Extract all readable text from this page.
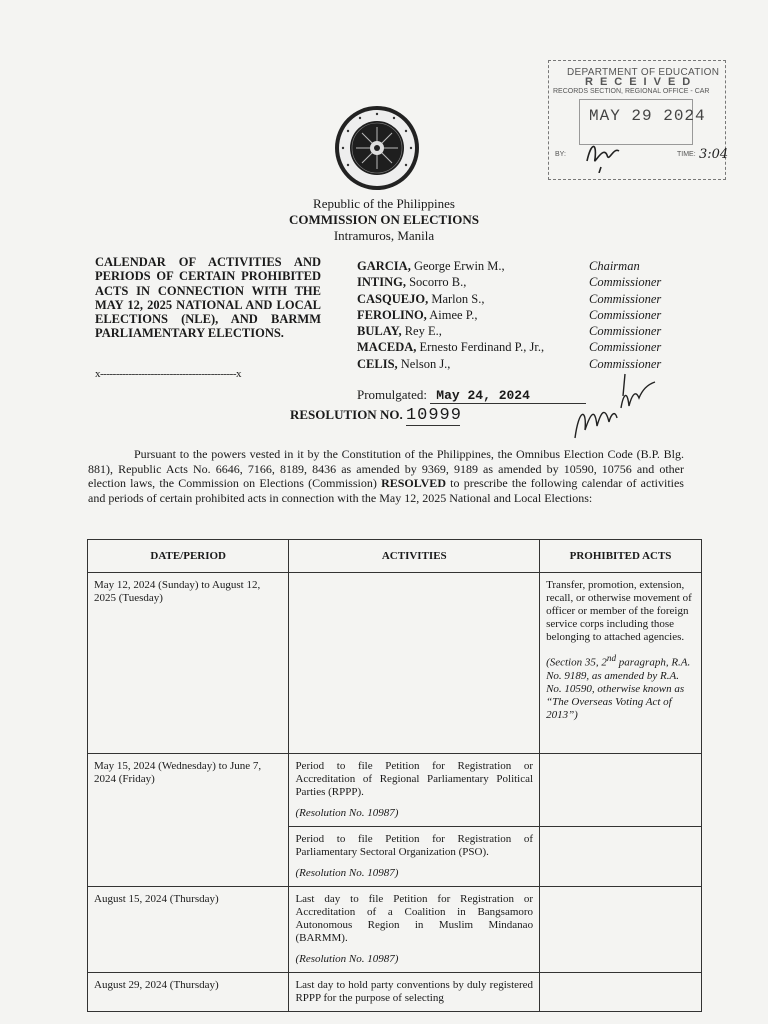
DEPARTMENT OF EDUCATION
RECEIVED
RECORDS SECTION, REGIONAL OFFICE - CAR
MAY 29 2024
BY:	TIME: 3:04
Republic of the Philippines
COMMISSION ON ELECTIONS
Intramuros, Manila
CALENDAR OF ACTIVITIES AND PERIODS OF CERTAIN PROHIBITED ACTS IN CONNECTION WITH THE MAY 12, 2025 NATIONAL AND LOCAL ELECTIONS (NLE), AND BARMM PARLIAMENTARY ELECTIONS.
x-------------------------------------------x
GARCIA, George Erwin M.,	Chairman
INTING, Socorro B.,	Commissioner
CASQUEJO, Marlon S.,	Commissioner
FEROLINO, Aimee P.,	Commissioner
BULAY, Rey E.,	Commissioner
MACEDA, Ernesto Ferdinand P., Jr.,	Commissioner
CELIS, Nelson J.,	Commissioner
Promulgated: May 24, 2024
RESOLUTION NO. 10999
Pursuant to the powers vested in it by the Constitution of the Philippines, the Omnibus Election Code (B.P. Blg. 881), Republic Acts No. 6646, 7166, 8189, 8436 as amended by 9369, 9189 as amended by 10590, 10756 and other election laws, the Commission on Elections (Commission) RESOLVED to prescribe the following calendar of activities and periods of certain prohibited acts in connection with the May 12, 2025 National and Local Elections:
DATE/PERIOD	ACTIVITIES	PROHIBITED ACTS
May 12, 2024 (Sunday) to August 12, 2025 (Tuesday)		Transfer, promotion, extension, recall, or otherwise movement of officer or member of the foreign service corps including those belonging to attached agencies.
(Section 35, 2nd paragraph, R.A. No. 9189, as amended by R.A. No. 10590, otherwise known as “The Overseas Voting Act of 2013”)

May 15, 2024 (Wednesday) to June 7, 2024 (Friday)	Period to file Petition for Registration or Accreditation of Regional Parliamentary Political Parties (RPPP).
(Resolution No. 10987)	

	Period to file Petition for Registration of Parliamentary Sectoral Organization (PSO).
(Resolution No. 10987)	

August 15, 2024 (Thursday)	Last day to file Petition for Registration or Accreditation of a Coalition in Bangsamoro Autonomous Region in Muslim Mindanao (BARMM).
(Resolution No. 10987)	

August 29, 2024 (Thursday)	Last day to hold party conventions by duly registered RPPP for the purpose of selecting	
